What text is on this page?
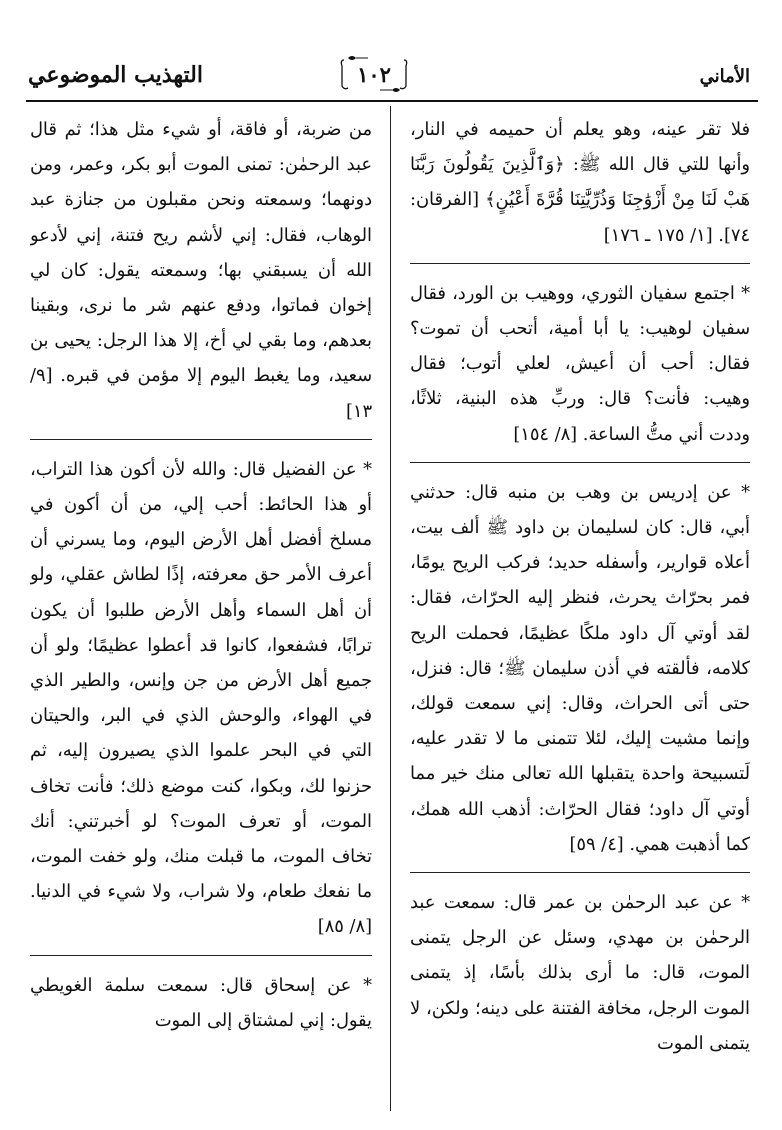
الأماني
١٠٢
التهذيب الموضوعي

فلا تقر عينه، وهو يعلم أن حميمه في النار، وأنها للتي قال الله ﷺ: ﴿وَٱلَّذِينَ يَقُولُونَ رَبَّنَا هَبْ لَنَا مِنْ أَزْوَٰجِنَا وَذُرِّيَّٰتِنَا قُرَّةَ أَعْيُنٍ﴾ [الفرقان: ٧٤]. [١/ ١٧٥ ـ ١٧٦]

* اجتمع سفيان الثوري، ووهيب بن الورد، فقال سفيان لوهيب: يا أبا أمية، أتحب أن تموت؟ فقال: أحب أن أعيش، لعلي أتوب؛ فقال وهيب: فأنت؟ قال: وربِّ هذه البنية، ثلاثًا، وددت أني متُّ الساعة. [٨/ ١٥٤]

* عن إدريس بن وهب بن منبه قال: حدثني أبي، قال: كان لسليمان بن داود ﷺ ألف بيت، أعلاه قوارير، وأسفله حديد؛ فركب الريح يومًا، فمر بحرّاث يحرث، فنظر إليه الحرّاث، فقال: لقد أوتي آل داود ملكًا عظيمًا، فحملت الريح كلامه، فألقته في أذن سليمان ﷺ؛ قال: فنزل، حتى أتى الحراث، وقال: إني سمعت قولك، وإنما مشيت إليك، لئلا تتمنى ما لا تقدر عليه، لَتسبيحة واحدة يتقبلها الله تعالى منك خير مما أوتي آل داود؛ فقال الحرّاث: أذهب الله همك، كما أذهبت همي. [٤/ ٥٩]

* عن عبد الرحمٰن بن عمر قال: سمعت عبد الرحمٰن بن مهدي، وسئل عن الرجل يتمنى الموت، قال: ما أرى بذلك بأسًا، إذ يتمنى الموت الرجل، مخافة الفتنة على دينه؛ ولكن، لا يتمنى الموت

من ضربة، أو فاقة، أو شيء مثل هذا؛ ثم قال عبد الرحمٰن: تمنى الموت أبو بكر، وعمر، ومن دونهما؛ وسمعته ونحن مقبلون من جنازة عبد الوهاب، فقال: إني لأشم ريح فتنة، إني لأدعو الله أن يسبقني بها؛ وسمعته يقول: كان لي إخوان فماتوا، ودفع عنهم شر ما نرى، وبقينا بعدهم، وما بقي لي أخ، إلا هذا الرجل: يحيى بن سعيد، وما يغبط اليوم إلا مؤمن في قبره. [٩/ ١٣]

* عن الفضيل قال: والله لأن أكون هذا التراب، أو هذا الحائط: أحب إلي، من أن أكون في مسلخ أفضل أهل الأرض اليوم، وما يسرني أن أعرف الأمر حق معرفته، إذًا لطاش عقلي، ولو أن أهل السماء وأهل الأرض طلبوا أن يكون ترابًا، فشفعوا، كانوا قد أعطوا عظيمًا؛ ولو أن جميع أهل الأرض من جن وإنس، والطير الذي في الهواء، والوحش الذي في البر، والحيتان التي في البحر علموا الذي يصيرون إليه، ثم حزنوا لك، وبكوا، كنت موضع ذلك؛ فأنت تخاف الموت، أو تعرف الموت؟ لو أخبرتني: أنك تخاف الموت، ما قبلت منك، ولو خفت الموت، ما نفعك طعام، ولا شراب، ولا شيء في الدنيا. [٨/ ٨٥]

* عن إسحاق قال: سمعت سلمة الغويطي يقول: إني لمشتاق إلى الموت
